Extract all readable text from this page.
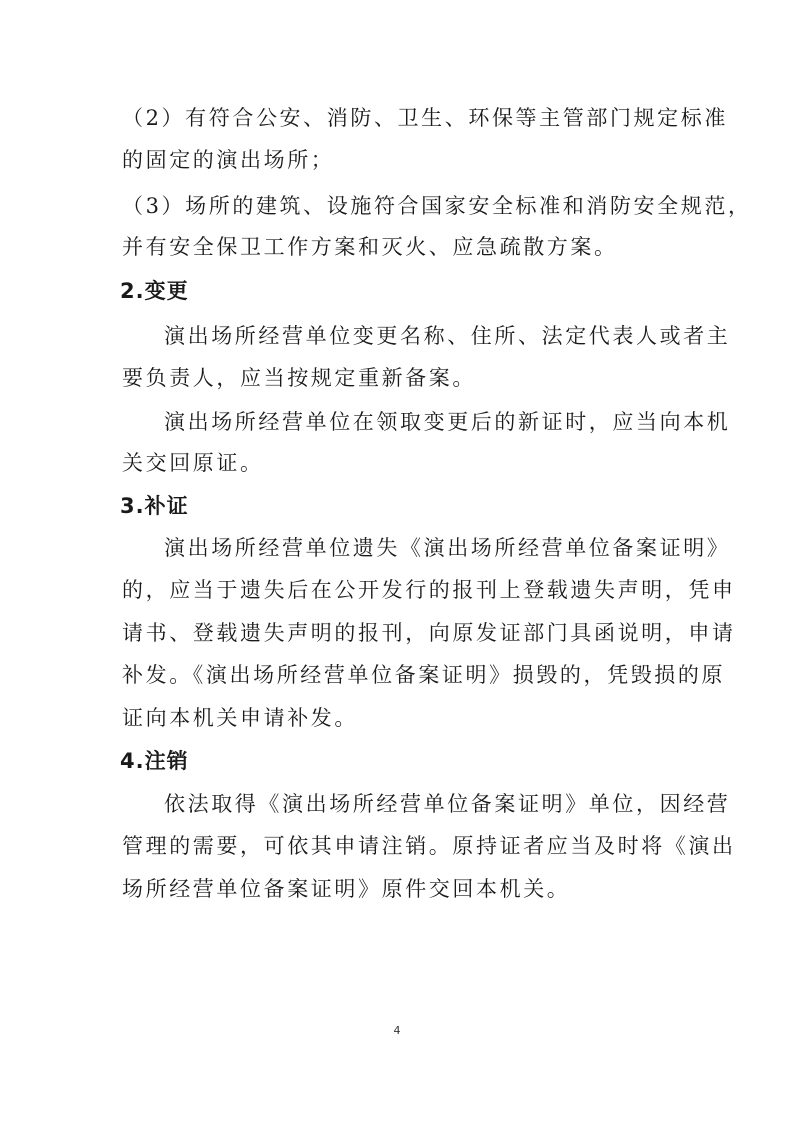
（2）有符合公安、消防、卫生、环保等主管部门规定标准
的固定的演出场所；
（3）场所的建筑、设施符合国家安全标准和消防安全规范，
并有安全保卫工作方案和灭火、应急疏散方案。
2.变更
演出场所经营单位变更名称、住所、法定代表人或者主
要负责人，应当按规定重新备案。
演出场所经营单位在领取变更后的新证时，应当向本机
关交回原证。
3.补证
演出场所经营单位遗失《演出场所经营单位备案证明》
的，应当于遗失后在公开发行的报刊上登载遗失声明，凭申
请书、登载遗失声明的报刊，向原发证部门具函说明，申请
补发。《演出场所经营单位备案证明》损毁的，凭毁损的原
证向本机关申请补发。
4.注销
依法取得《演出场所经营单位备案证明》单位，因经营
管理的需要，可依其申请注销。原持证者应当及时将《演出
场所经营单位备案证明》原件交回本机关。
4
